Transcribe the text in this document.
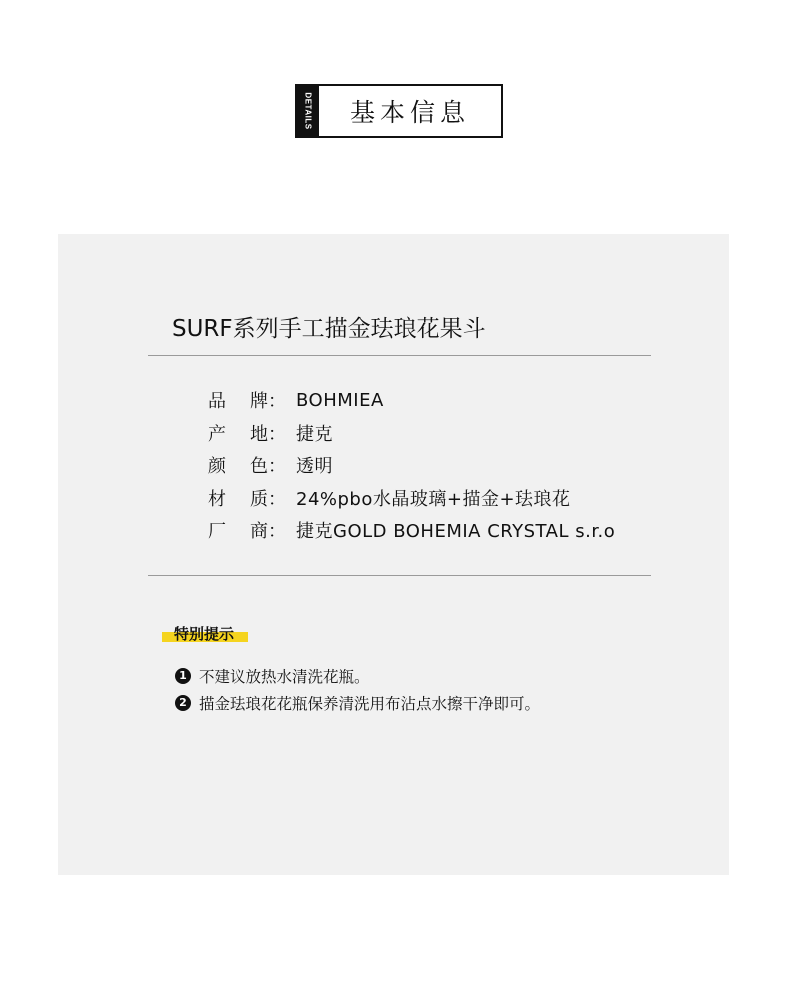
DETAILS	基本信息
SURF系列手工描金珐琅花果斗
品 牌 ： BOHMIEA
产 地 ： 捷克
颜 色 ： 透明
材 质 ： 24%pbo水晶玻璃+描金+珐琅花
厂 商 ： 捷克GOLD BOHEMIA CRYSTAL s.r.o
特别提示
1 不建议放热水清洗花瓶。
2 描金珐琅花花瓶保养清洗用布沾点水擦干净即可。
